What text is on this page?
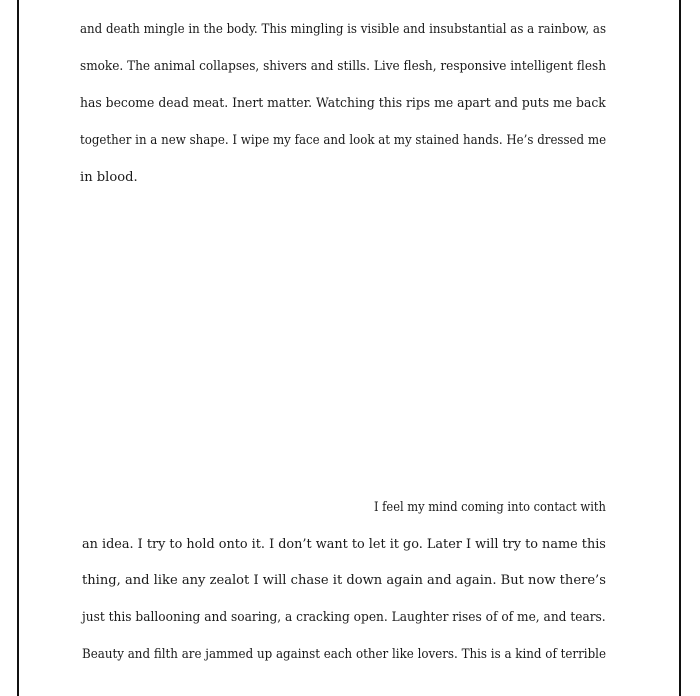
and death mingle in the body. This mingling is visible and insubstantial as a rainbow, as
smoke. The animal collapses, shivers and stills. Live flesh, responsive intelligent flesh
has become dead meat. Inert matter. Watching this rips me apart and puts me back
together in a new shape. I wipe my face and look at my stained hands. He’s dressed me
in blood.
I feel my mind coming into contact with
an idea. I try to hold onto it. I don’t want to let it go. Later I will try to name this
thing, and like any zealot I will chase it down again and again. But now there’s
just this ballooning and soaring, a cracking open. Laughter rises of of me, and tears.
Beauty and filth are jammed up against each other like lovers. This is a kind of terrible
